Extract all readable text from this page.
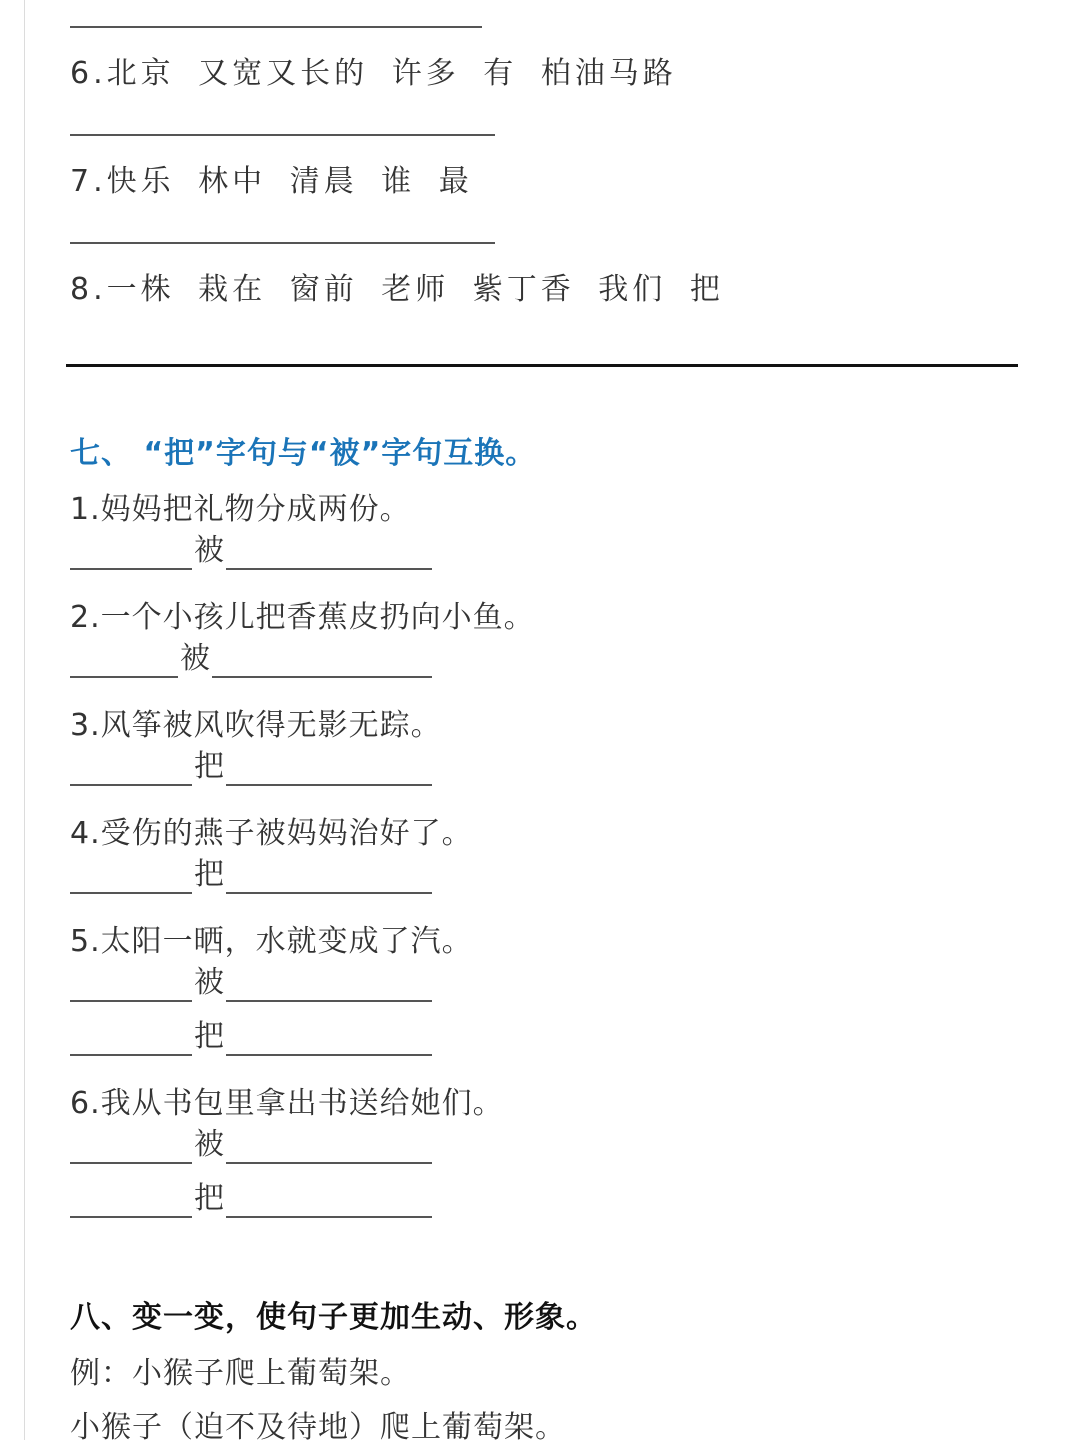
6.北京 又宽又长的 许多 有 柏油马路
7.快乐 林中 清晨 谁 最
8.一株 栽在 窗前 老师 紫丁香 我们 把
七、 “把”字句与“被”字句互换。
1.妈妈把礼物分成两份。
被
2.一个小孩儿把香蕉皮扔向小鱼。
被
3.风筝被风吹得无影无踪。
把
4.受伤的燕子被妈妈治好了。
把
5.太阳一晒，水就变成了汽。
被
把
6.我从书包里拿出书送给她们。
被
把
八、变一变，使句子更加生动、形象。
例：小猴子爬上葡萄架。
小猴子（迫不及待地）爬上葡萄架。
